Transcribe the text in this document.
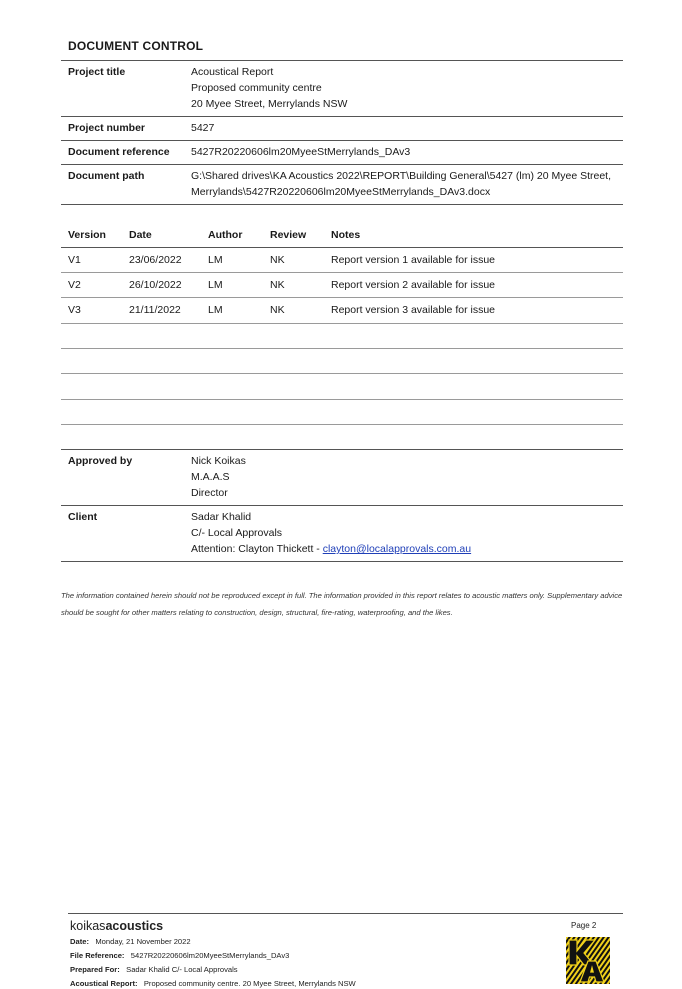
DOCUMENT CONTROL
Project title	Acoustical Report
Proposed community centre
20 Myee Street, Merrylands NSW
Project number	5427
Document reference 5427R20220606lm20MyeeStMerrylands_DAv3
Document path	G:\Shared drives\KA Acoustics 2022\REPORT\Building General\5427 (lm) 20 Myee Street,
Merrylands\5427R20220606lm20MyeeStMerrylands_DAv3.docx
Version Date	Author	Review Notes
V1	23/06/2022	LM	NK	Report version 1 available for issue
V2	26/10/2022	LM	NK	Report version 2 available for issue
V3	21/11/2022	LM	NK	Report version 3 available for issue
Approved by	Nick Koikas
M.A.A.S
Director
Client	Sadar Khalid
C/- Local Approvals
Attention: Clayton Thickett - clayton@localapprovals.com.au
The information contained herein should not be reproduced except in full. The information provided in this report relates to acoustic matters only. Supplementary advice should be sought for other matters relating to construction, design, structural, fire-rating, waterproofing, and the likes.
koikasacoustics	Page 2
Date: Monday, 21 November 2022
File Reference: 5427R20220606lm20MyeeStMerrylands_DAv3
Prepared For: Sadar Khalid C/- Local Approvals
Acoustical Report: Proposed community centre. 20 Myee Street, Merrylands NSW
